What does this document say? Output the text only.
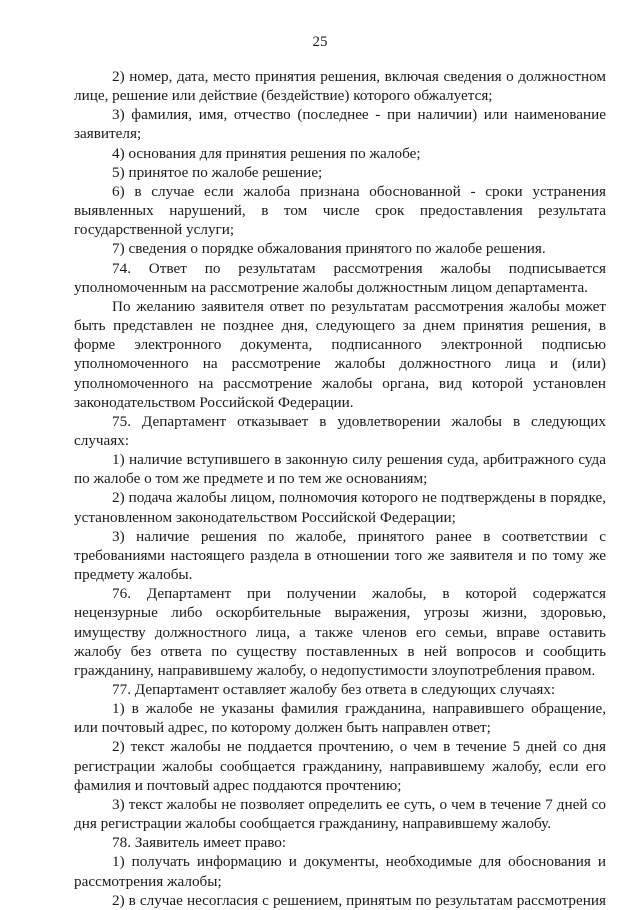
25

2) номер, дата, место принятия решения, включая сведения о должностном лице, решение или действие (бездействие) которого обжалуется;

3) фамилия, имя, отчество (последнее - при наличии) или наименование заявителя;

4) основания для принятия решения по жалобе;

5) принятое по жалобе решение;

6) в случае если жалоба признана обоснованной - сроки устранения выявленных нарушений, в том числе срок предоставления результата государственной услуги;

7) сведения о порядке обжалования принятого по жалобе решения.

74. Ответ по результатам рассмотрения жалобы подписывается уполномоченным на рассмотрение жалобы должностным лицом департамента.

По желанию заявителя ответ по результатам рассмотрения жалобы может быть представлен не позднее дня, следующего за днем принятия решения, в форме электронного документа, подписанного электронной подписью уполномоченного на рассмотрение жалобы должностного лица и (или) уполномоченного на рассмотрение жалобы органа, вид которой установлен законодательством Российской Федерации.

75. Департамент отказывает в удовлетворении жалобы в следующих случаях:

1) наличие вступившего в законную силу решения суда, арбитражного суда по жалобе о том же предмете и по тем же основаниям;

2) подача жалобы лицом, полномочия которого не подтверждены в порядке, установленном законодательством Российской Федерации;

3) наличие решения по жалобе, принятого ранее в соответствии с требованиями настоящего раздела в отношении того же заявителя и по тому же предмету жалобы.

76. Департамент при получении жалобы, в которой содержатся нецензурные либо оскорбительные выражения, угрозы жизни, здоровью, имуществу должностного лица, а также членов его семьи, вправе оставить жалобу без ответа по существу поставленных в ней вопросов и сообщить гражданину, направившему жалобу, о недопустимости злоупотребления правом.

77. Департамент оставляет жалобу без ответа в следующих случаях:

1) в жалобе не указаны фамилия гражданина, направившего обращение, или почтовый адрес, по которому должен быть направлен ответ;

2) текст жалобы не поддается прочтению, о чем в течение 5 дней со дня регистрации жалобы сообщается гражданину, направившему жалобу, если его фамилия и почтовый адрес поддаются прочтению;

3) текст жалобы не позволяет определить ее суть, о чем в течение 7 дней со дня регистрации жалобы сообщается гражданину, направившему жалобу.

78. Заявитель имеет право:

1) получать информацию и документы, необходимые для обоснования и рассмотрения жалобы;

2) в случае несогласия с решением, принятым по результатам рассмотрения
